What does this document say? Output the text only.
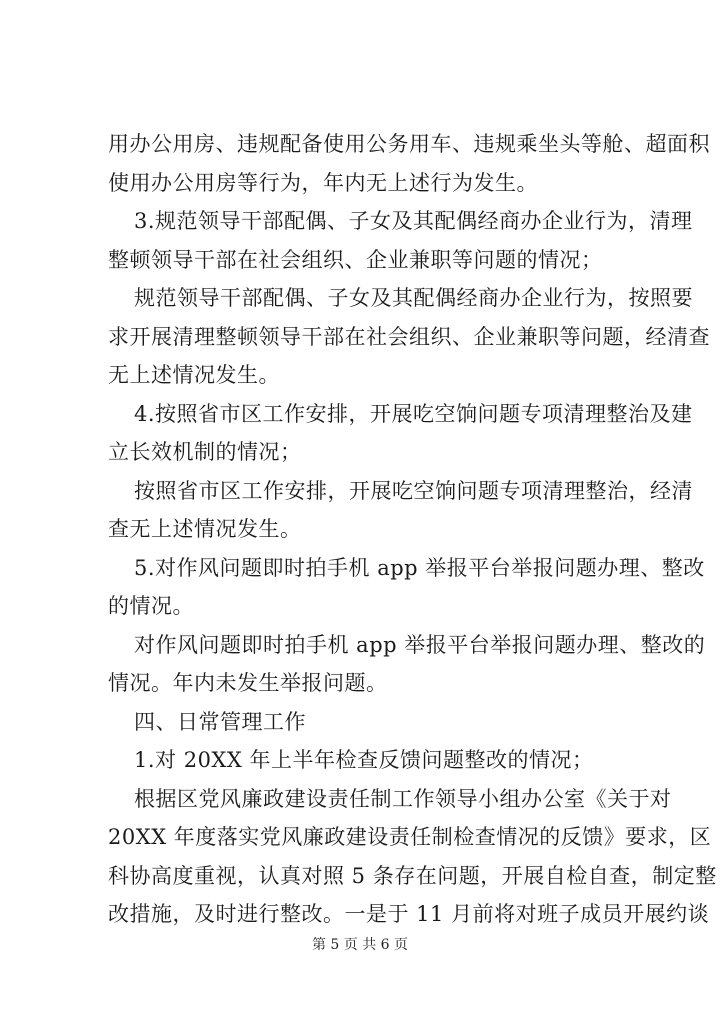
用办公用房、违规配备使用公务用车、违规乘坐头等舱、超面积
使用办公用房等行为，年内无上述行为发生。
3.规范领导干部配偶、子女及其配偶经商办企业行为，清理
整顿领导干部在社会组织、企业兼职等问题的情况；
规范领导干部配偶、子女及其配偶经商办企业行为，按照要
求开展清理整顿领导干部在社会组织、企业兼职等问题，经清查
无上述情况发生。
4.按照省市区工作安排，开展吃空饷问题专项清理整治及建
立长效机制的情况；
按照省市区工作安排，开展吃空饷问题专项清理整治，经清
查无上述情况发生。
5.对作风问题即时拍手机 app 举报平台举报问题办理、整改
的情况。
对作风问题即时拍手机 app 举报平台举报问题办理、整改的
情况。年内未发生举报问题。
四、日常管理工作
1.对 20XX 年上半年检查反馈问题整改的情况；
根据区党风廉政建设责任制工作领导小组办公室《关于对
20XX 年度落实党风廉政建设责任制检查情况的反馈》要求，区
科协高度重视，认真对照 5 条存在问题，开展自检自查，制定整
改措施，及时进行整改。一是于 11 月前将对班子成员开展约谈
第 5 页 共 6 页
